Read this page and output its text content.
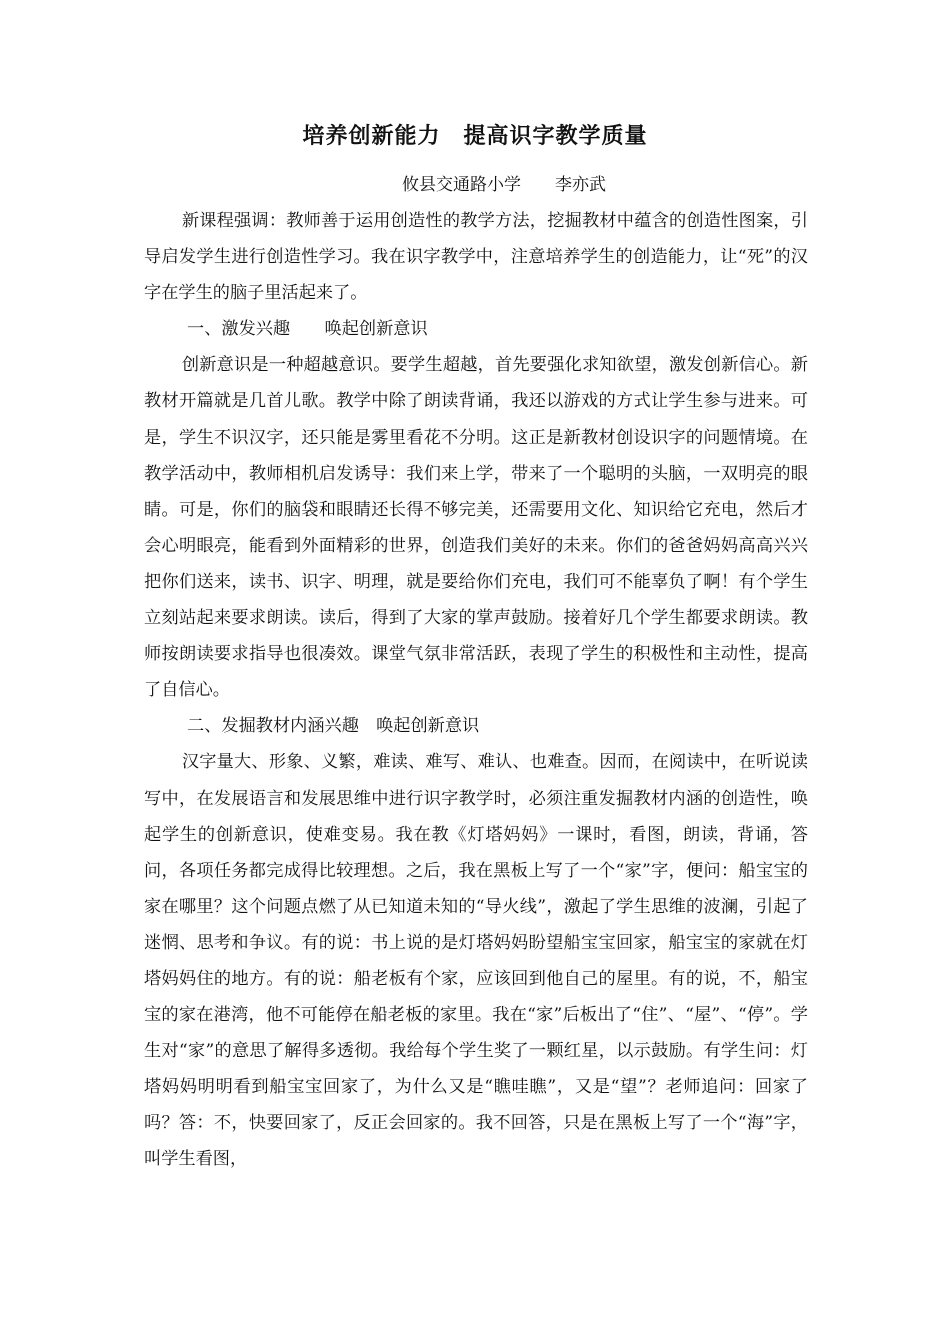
培养创新能力　提高识字教学质量
攸县交通路小学　　李亦武

新课程强调：教师善于运用创造性的教学方法，挖掘教材中蕴含的创造性图案，引导启发学生进行创造性学习。我在识字教学中，注意培养学生的创造能力，让“死”的汉字在学生的脑子里活起来了。

一、激发兴趣　　唤起创新意识

创新意识是一种超越意识。要学生超越，首先要强化求知欲望，激发创新信心。新教材开篇就是几首儿歌。教学中除了朗读背诵，我还以游戏的方式让学生参与进来。可是，学生不识汉字，还只能是雾里看花不分明。这正是新教材创设识字的问题情境。在教学活动中，教师相机启发诱导：我们来上学，带来了一个聪明的头脑，一双明亮的眼睛。可是，你们的脑袋和眼睛还长得不够完美，还需要用文化、知识给它充电，然后才会心明眼亮，能看到外面精彩的世界，创造我们美好的未来。你们的爸爸妈妈高高兴兴把你们送来，读书、识字、明理，就是要给你们充电，我们可不能辜负了啊！有个学生立刻站起来要求朗读。读后，得到了大家的掌声鼓励。接着好几个学生都要求朗读。教师按朗读要求指导也很凑效。课堂气氛非常活跃，表现了学生的积极性和主动性，提高了自信心。

二、发掘教材内涵兴趣　唤起创新意识

汉字量大、形象、义繁，难读、难写、难认、也难查。因而，在阅读中，在听说读写中，在发展语言和发展思维中进行识字教学时，必须注重发掘教材内涵的创造性，唤起学生的创新意识，使难变易。我在教《灯塔妈妈》一课时，看图，朗读，背诵，答问，各项任务都完成得比较理想。之后，我在黑板上写了一个“家”字，便问：船宝宝的家在哪里？这个问题点燃了从已知道未知的“导火线”，激起了学生思维的波澜，引起了迷惘、思考和争议。有的说：书上说的是灯塔妈妈盼望船宝宝回家，船宝宝的家就在灯塔妈妈住的地方。有的说：船老板有个家，应该回到他自己的屋里。有的说，不，船宝宝的家在港湾，他不可能停在船老板的家里。我在“家”后板出了“住”、“屋”、“停”。学生对“家”的意思了解得多透彻。我给每个学生奖了一颗红星，以示鼓励。有学生问：灯塔妈妈明明看到船宝宝回家了，为什么又是“瞧哇瞧”，又是“望”？老师追问：回家了吗？答：不，快要回家了，反正会回家的。我不回答，只是在黑板上写了一个“海”字，叫学生看图，
